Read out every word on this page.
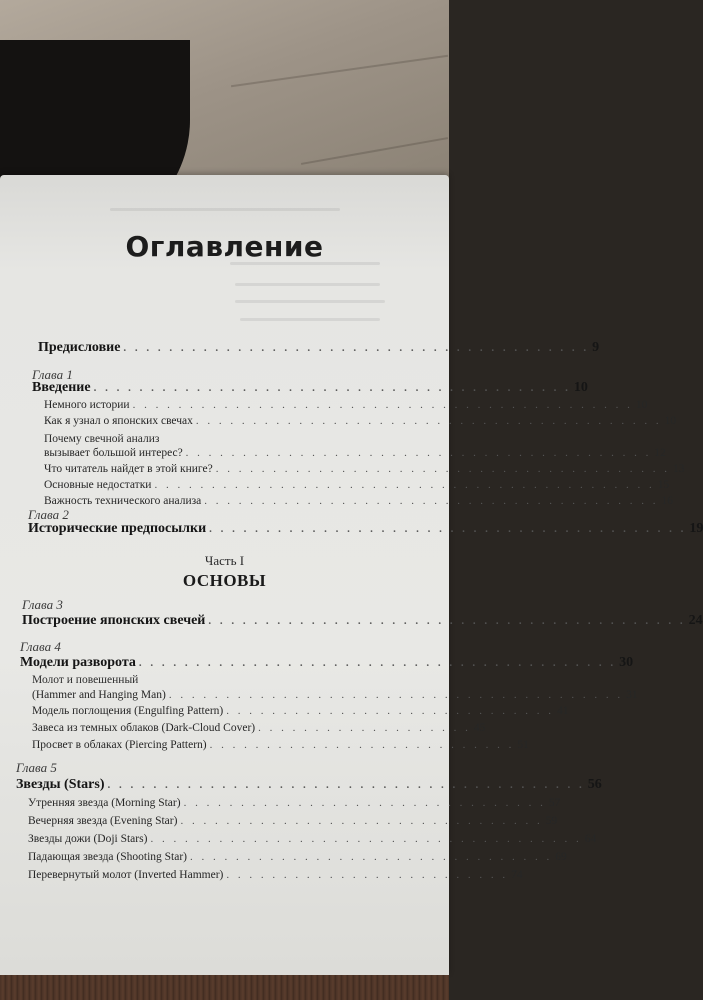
Оглавление
Предисловие . . . . . . . . . . . . . . . . . . . . . . . . . . . . . . . . . . . . . . . . . 9
Глава 1
Введение . . . . . . . . . . . . . . . . . . . . . . . . . . . . . . . . . . . . . . . . . . 10
Немного истории . . . . . . . . . . . . . . . . . . . . . . . . . . . . . . . . . . . . . . . . . . . . 10
Как я узнал о японских свечах . . . . . . . . . . . . . . . . . . . . . . . . . . . . . . . . . . . . . . . . . 10
Почему свечной анализ
вызывает большой интерес? . . . . . . . . . . . . . . . . . . . . . . . . . . . . . . . . . . . . . . . . . 12
Что читатель найдет в этой книге? . . . . . . . . . . . . . . . . . . . . . . . . . . . . . . . . . . . . . . . . 13
Основные недостатки . . . . . . . . . . . . . . . . . . . . . . . . . . . . . . . . . . . . . . . . . . . . 15
Важность технического анализа . . . . . . . . . . . . . . . . . . . . . . . . . . . . . . . . . . . . . . . . 16
Глава 2
Исторические предпосылки . . . . . . . . . . . . . . . . . . . . . . . . . . . . . . . . . . . . . . . . . . 19
Часть I
ОСНОВЫ
Глава 3
Построение японских свечей . . . . . . . . . . . . . . . . . . . . . . . . . . . . . . . . . . . . . . . . . . 24
Глава 4
Модели разворота . . . . . . . . . . . . . . . . . . . . . . . . . . . . . . . . . . . . . . . . . . 30
Молот и повешенный
(Hammer and Hanging Man) . . . . . . . . . . . . . . . . . . . . . . . . . . . . . . . . . . . . . . . . 31
Модель поглощения (Engulfing Pattern) . . . . . . . . . . . . . . . . . . . . . . . . . . . . . 41
Завеса из темных облаков (Dark-Cloud Cover) . . . . . . . . . . . . . . . . . . . 45
Просвет в облаках (Piercing Pattern) . . . . . . . . . . . . . . . . . . . . . . . . . . . 51
Глава 5
Звезды (Stars) . . . . . . . . . . . . . . . . . . . . . . . . . . . . . . . . . . . . . . . . . . 56
Утренняя звезда (Morning Star) . . . . . . . . . . . . . . . . . . . . . . . . . . . . . . . . 57
Вечерняя звезда (Evening Star) . . . . . . . . . . . . . . . . . . . . . . . . . . . . . . . . 59
Звезды дожи (Doji Stars) . . . . . . . . . . . . . . . . . . . . . . . . . . . . . . . . . . . . . . 64
Падающая звезда (Shooting Star) . . . . . . . . . . . . . . . . . . . . . . . . . . . . . . . . 69
Перевернутый молот (Inverted Hammer) . . . . . . . . . . . . . . . . . . . . . . . . . 74
